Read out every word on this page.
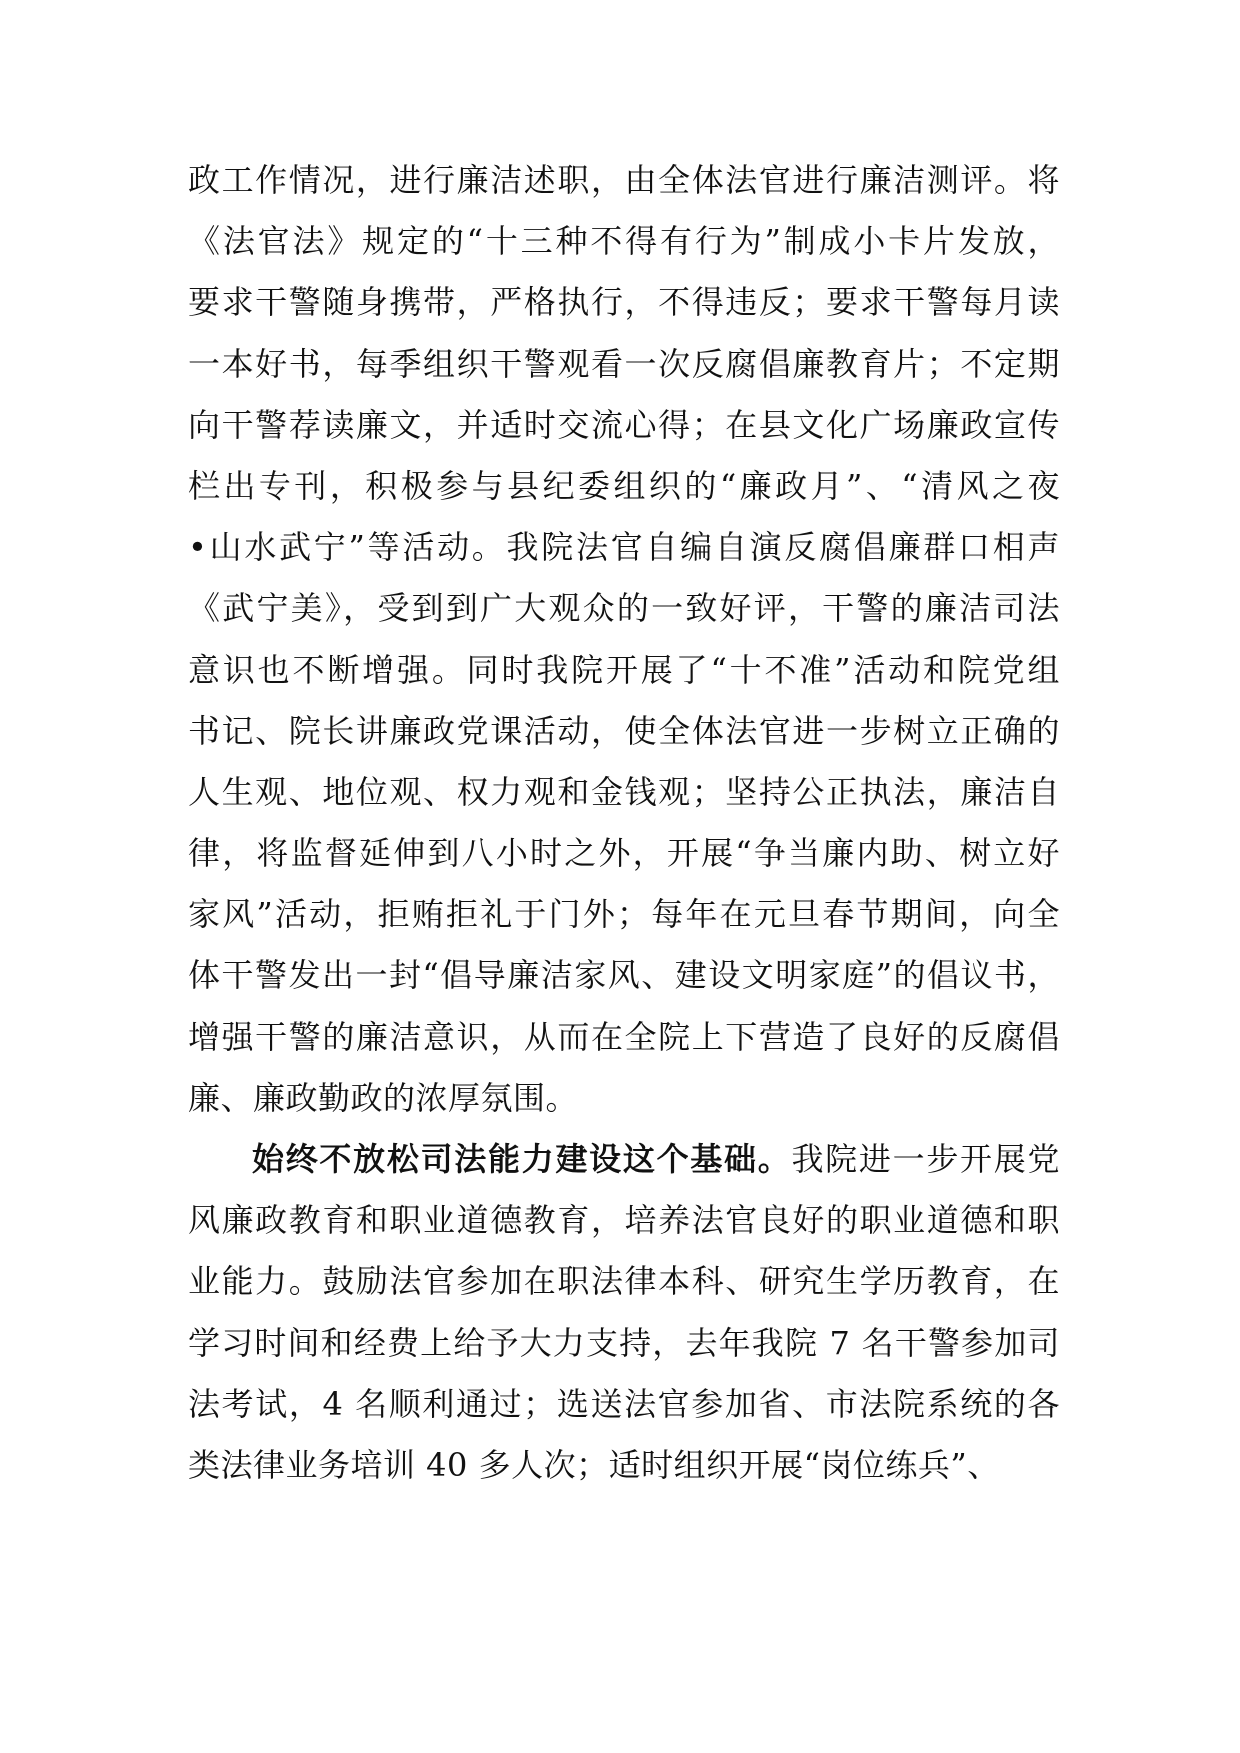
政工作情况，进行廉洁述职，由全体法官进行廉洁测评。将
《法官法》规定的“十三种不得有行为”制成小卡片发放，
要求干警随身携带，严格执行，不得违反；要求干警每月读
一本好书，每季组织干警观看一次反腐倡廉教育片；不定期
向干警荐读廉文，并适时交流心得；在县文化广场廉政宣传
栏出专刊，积极参与县纪委组织的“廉政月”、“清风之夜
•山水武宁”等活动。我院法官自编自演反腐倡廉群口相声
《武宁美》，受到到广大观众的一致好评，干警的廉洁司法
意识也不断增强。同时我院开展了“十不准”活动和院党组
书记、院长讲廉政党课活动，使全体法官进一步树立正确的
人生观、地位观、权力观和金钱观；坚持公正执法，廉洁自
律，将监督延伸到八小时之外，开展“争当廉内助、树立好
家风”活动，拒贿拒礼于门外；每年在元旦春节期间，向全
体干警发出一封“倡导廉洁家风、建设文明家庭”的倡议书，
增强干警的廉洁意识，从而在全院上下营造了良好的反腐倡
廉、廉政勤政的浓厚氛围。
始终不放松司法能力建设这个基础。我院进一步开展党
风廉政教育和职业道德教育，培养法官良好的职业道德和职
业能力。鼓励法官参加在职法律本科、研究生学历教育，在
学习时间和经费上给予大力支持，去年我院 7 名干警参加司
法考试，4 名顺利通过；选送法官参加省、市法院系统的各
类法律业务培训 40 多人次；适时组织开展“岗位练兵”、
